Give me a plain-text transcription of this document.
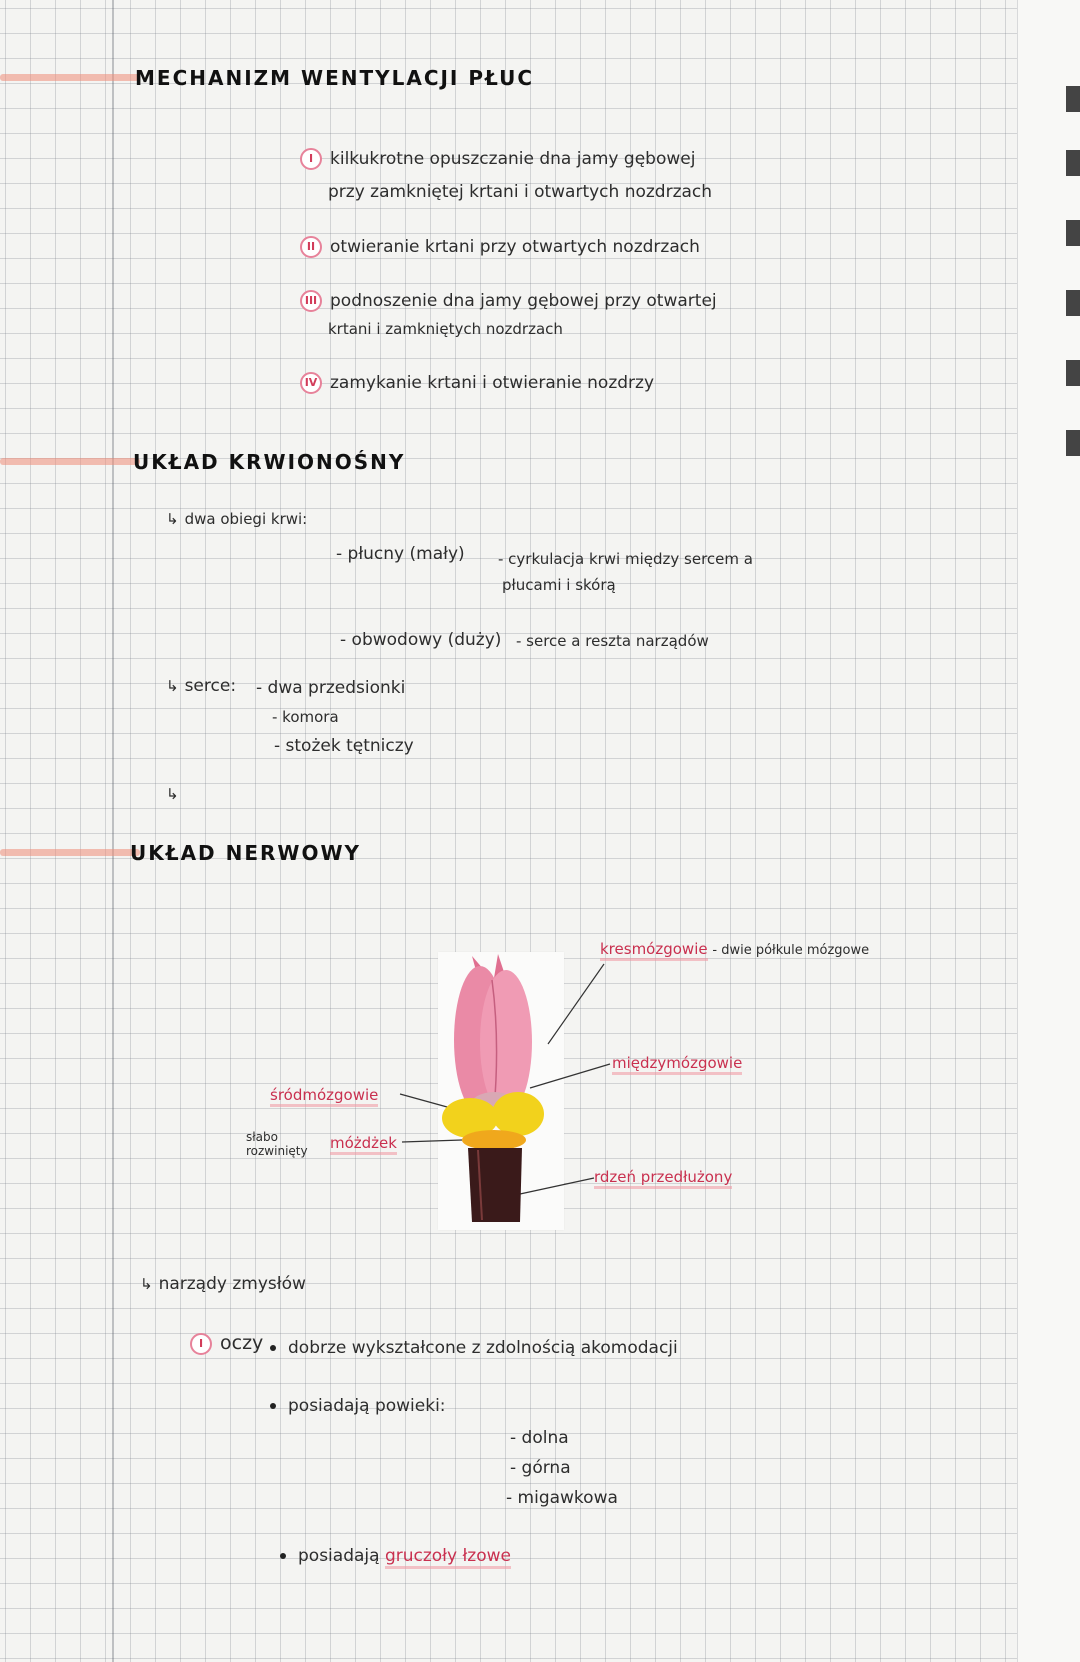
MECHANIZM WENTYLACJI PŁUC
I kilkukrotne opuszczanie dna jamy gębowej
przy zamkniętej krtani i otwartych nozdrzach
II otwieranie krtani przy otwartych nozdrzach
III podnoszenie dna jamy gębowej przy otwartej
krtani i zamkniętych nozdrzach
IV zamykanie krtani i otwieranie nozdrzy
UKŁAD KRWIONOŚNY
↳ dwa obiegi krwi:
- płucny (mały) - cyrkulacja krwi między sercem a
płucami i skórą
- obwodowy (duży) - serce a reszta narządów
↳ serce: - dwa przedsionki
- komora
- stożek tętniczy
↳
UKŁAD NERWOWY
kresmózgowie - dwie półkule mózgowe
międzymózgowie
śródmózgowie
słabo rozwinięty	móżdżek
rdzeń przedłużony
↳ narządy zmysłów
I oczy	dobrze wykształcone z zdolnością akomodacji
posiadają powieki:
- dolna
- górna
- migawkowa
posiadają gruczoły łzowe
